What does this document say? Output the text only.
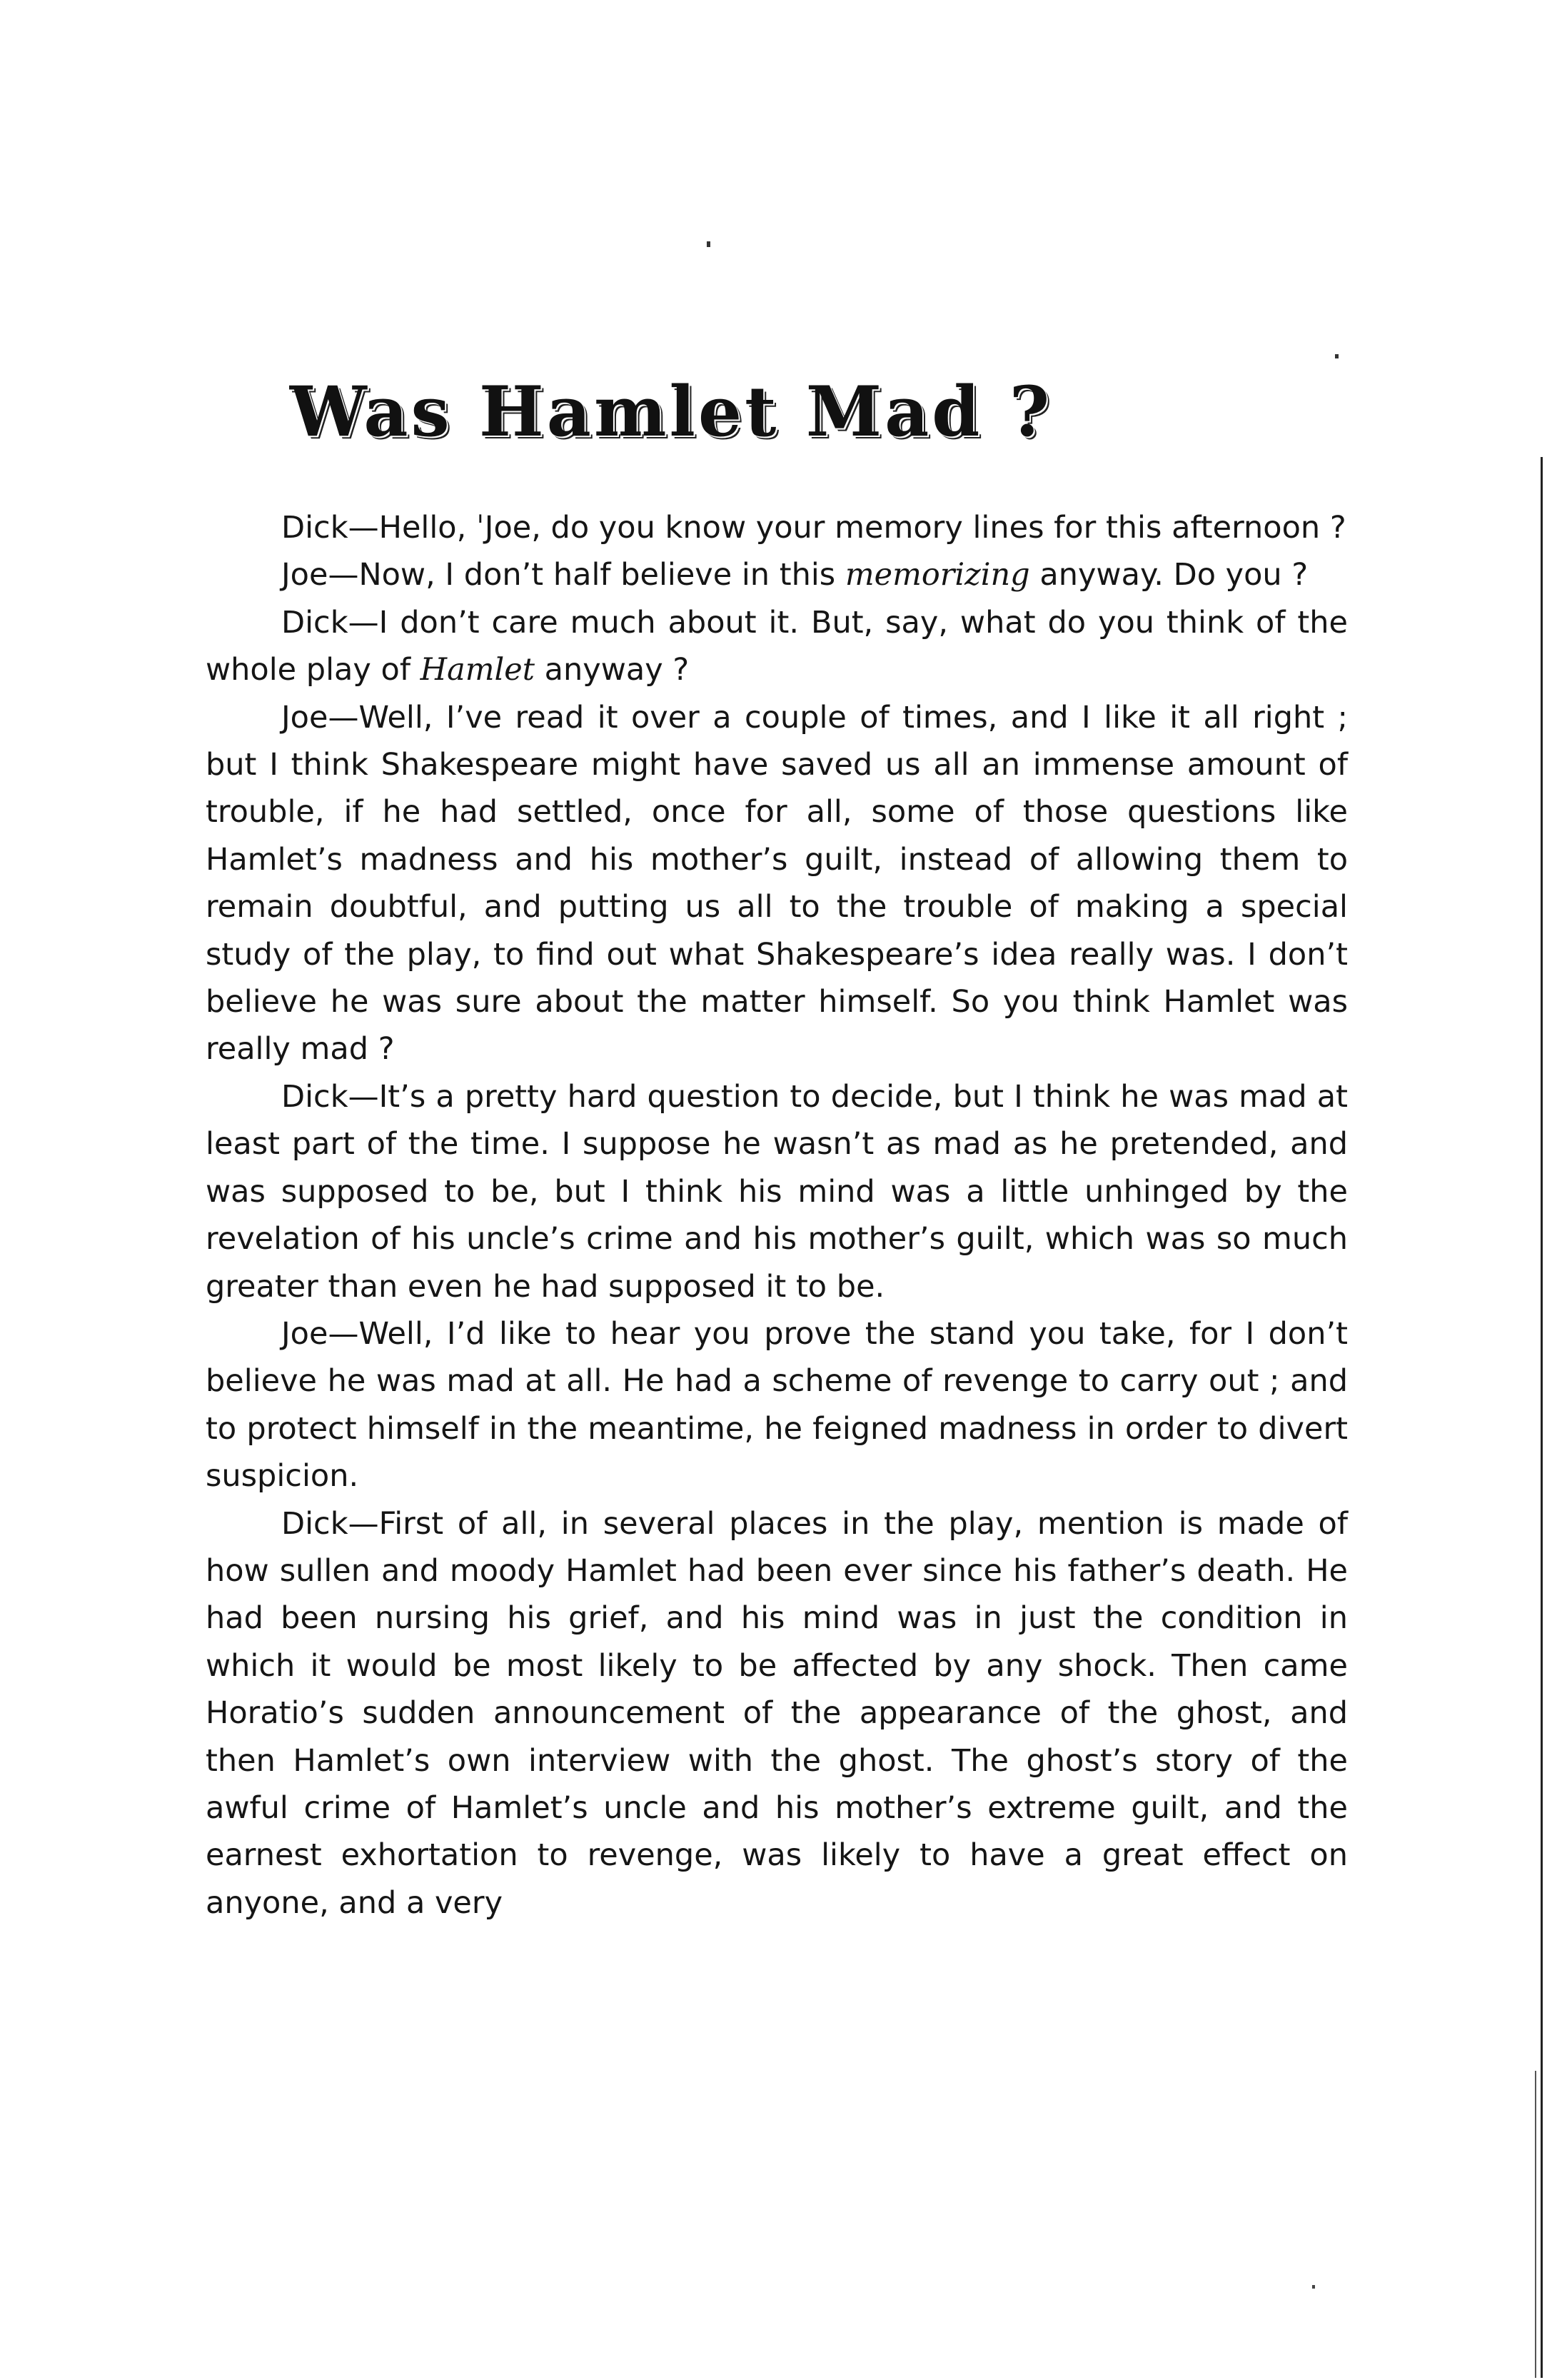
Was Hamlet Mad ?

Dick—Hello, ˈJoe, do you know your memory lines for this afternoon ?

Joe—Now, I don’t half believe in this memorizing anyway. Do you ?

Dick—I don’t care much about it. But, say, what do you think of the whole play of Hamlet anyway ?

Joe—Well, I’ve read it over a couple of times, and I like it all right ; but I think Shakespeare might have saved us all an immense amount of trouble, if he had settled, once for all, some of those questions like Hamlet’s madness and his mother’s guilt, instead of allowing them to remain doubtful, and putting us all to the trouble of making a special study of the play, to find out what Shakespeare’s idea really was. I don’t believe he was sure about the matter himself. So you think Hamlet was really mad ?

Dick—It’s a pretty hard question to decide, but I think he was mad at least part of the time. I suppose he wasn’t as mad as he pretended, and was supposed to be, but I think his mind was a little unhinged by the revelation of his uncle’s crime and his mother’s guilt, which was so much greater than even he had supposed it to be.

Joe—Well, I’d like to hear you prove the stand you take, for I don’t believe he was mad at all. He had a scheme of revenge to carry out ; and to protect himself in the meantime, he feigned madness in order to divert suspicion.

Dick—First of all, in several places in the play, mention is made of how sullen and moody Hamlet had been ever since his father’s death. He had been nursing his grief, and his mind was in just the condition in which it would be most likely to be affected by any shock. Then came Horatio’s sudden announcement of the appearance of the ghost, and then Hamlet’s own interview with the ghost. The ghost’s story of the awful crime of Hamlet’s uncle and his mother’s extreme guilt, and the earnest exhortation to revenge, was likely to have a great effect on anyone, and a very
